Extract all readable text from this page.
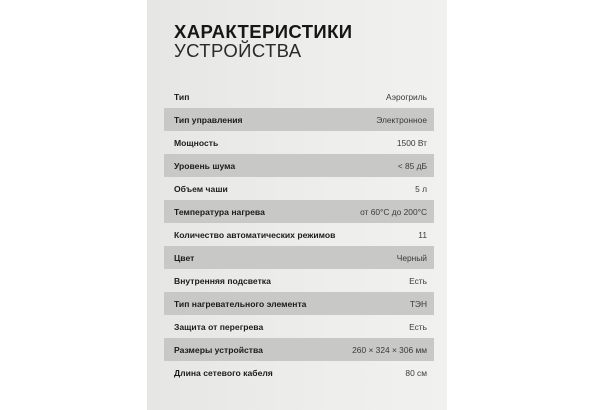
ХАРАКТЕРИСТИКИ
УСТРОЙСТВА
Тип	Аэрогриль
Тип управления	Электронное
Мощность	1500 Вт
Уровень шума	< 85 дБ
Объем чаши	5 л
Температура нагрева	от 60°С до 200°С
Количество автоматических режимов	11
Цвет	Черный
Внутренняя подсветка	Есть
Тип нагревательного элемента	ТЭН
Защита от перегрева	Есть
Размеры устройства	260 × 324 × 306 мм
Длина сетевого кабеля	80 см
